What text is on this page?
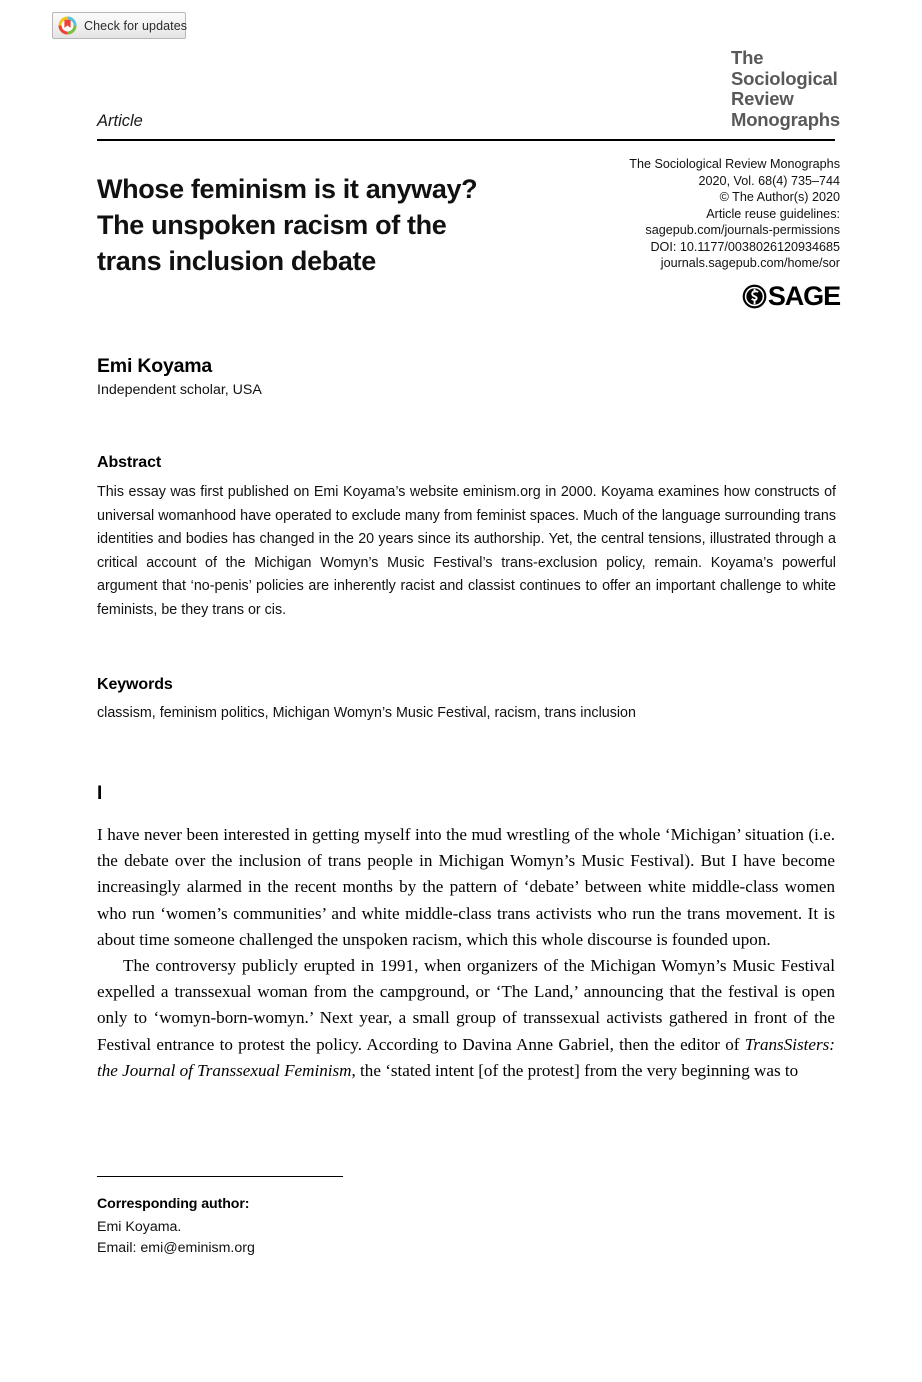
Check for updates
The
Sociological
Review
Monographs
Article
Whose feminism is it anyway?
The unspoken racism of the
trans inclusion debate
The Sociological Review Monographs
2020, Vol. 68(4) 735–744
© The Author(s) 2020
Article reuse guidelines:
sagepub.com/journals-permissions
DOI: 10.1177/0038026120934685
journals.sagepub.com/home/sor
SAGE
Emi Koyama
Independent scholar, USA
Abstract
This essay was first published on Emi Koyama’s website eminism.org in 2000. Koyama examines how constructs of universal womanhood have operated to exclude many from feminist spaces. Much of the language surrounding trans identities and bodies has changed in the 20 years since its authorship. Yet, the central tensions, illustrated through a critical account of the Michigan Womyn’s Music Festival’s trans-exclusion policy, remain. Koyama’s powerful argument that ‘no-penis’ policies are inherently racist and classist continues to offer an important challenge to white feminists, be they trans or cis.
Keywords
classism, feminism politics, Michigan Womyn’s Music Festival, racism, trans inclusion
I

I have never been interested in getting myself into the mud wrestling of the whole ‘Michigan’ situation (i.e. the debate over the inclusion of trans people in Michigan Womyn’s Music Festival). But I have become increasingly alarmed in the recent months by the pattern of ‘debate’ between white middle-class women who run ‘women’s communities’ and white middle-class trans activists who run the trans movement. It is about time someone challenged the unspoken racism, which this whole discourse is founded upon.

The controversy publicly erupted in 1991, when organizers of the Michigan Womyn’s Music Festival expelled a transsexual woman from the campground, or ‘The Land,’ announcing that the festival is open only to ‘womyn-born-womyn.’ Next year, a small group of transsexual activists gathered in front of the Festival entrance to protest the policy. According to Davina Anne Gabriel, then the editor of TransSisters: the Journal of Transsexual Feminism, the ‘stated intent [of the protest] from the very beginning was to

Corresponding author:
Emi Koyama.
Email: emi@eminism.org
